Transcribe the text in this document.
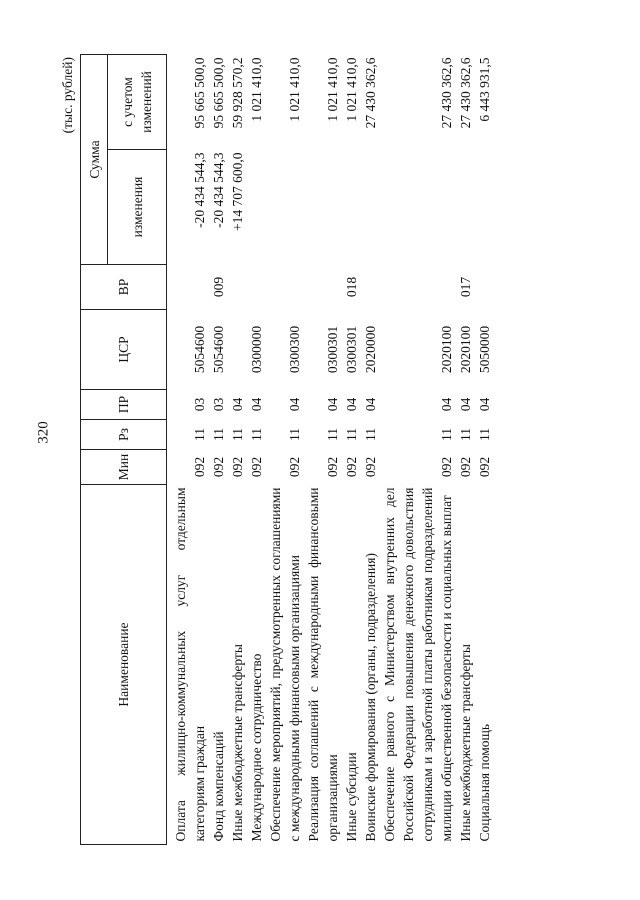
320
(тыс. рублей)
Наименование	Мин	Рз	ПР	ЦСР	ВР	Сумма	
						изменения	с учетом изменений
Оплата жилищно-коммунальных услуг отдельным категориям граждан	092	11	03	5054600		-20 434 544,3	95 665 500,0
Фонд компенсаций	092	11	03	5054600	009	-20 434 544,3	95 665 500,0
Иные межбюджетные трансферты	092	11	04			+14 707 600,0	59 928 570,2
Международное сотрудничество	092	11	04	0300000			1 021 410,0
Обеспечение мероприятий, предусмотренных соглашениями с международными финансовыми организациями	092	11	04	0300300			1 021 410,0
Реализация соглашений с международными финансовыми организациями	092	11	04	0300301			1 021 410,0
Иные субсидии	092	11	04	0300301	018		1 021 410,0
Воинские формирования (органы, подразделения)	092	11	04	2020000			27 430 362,6
Обеспечение равного с Министерством внутренних дел Российской Федерации повышения денежного довольствия сотрудникам и заработной платы работникам подразделений милиции общественной безопасности и социальных выплат	092	11	04	2020100			27 430 362,6
Иные межбюджетные трансферты	092	11	04	2020100	017		27 430 362,6
Социальная помощь	092	11	04	5050000			6 443 931,5
